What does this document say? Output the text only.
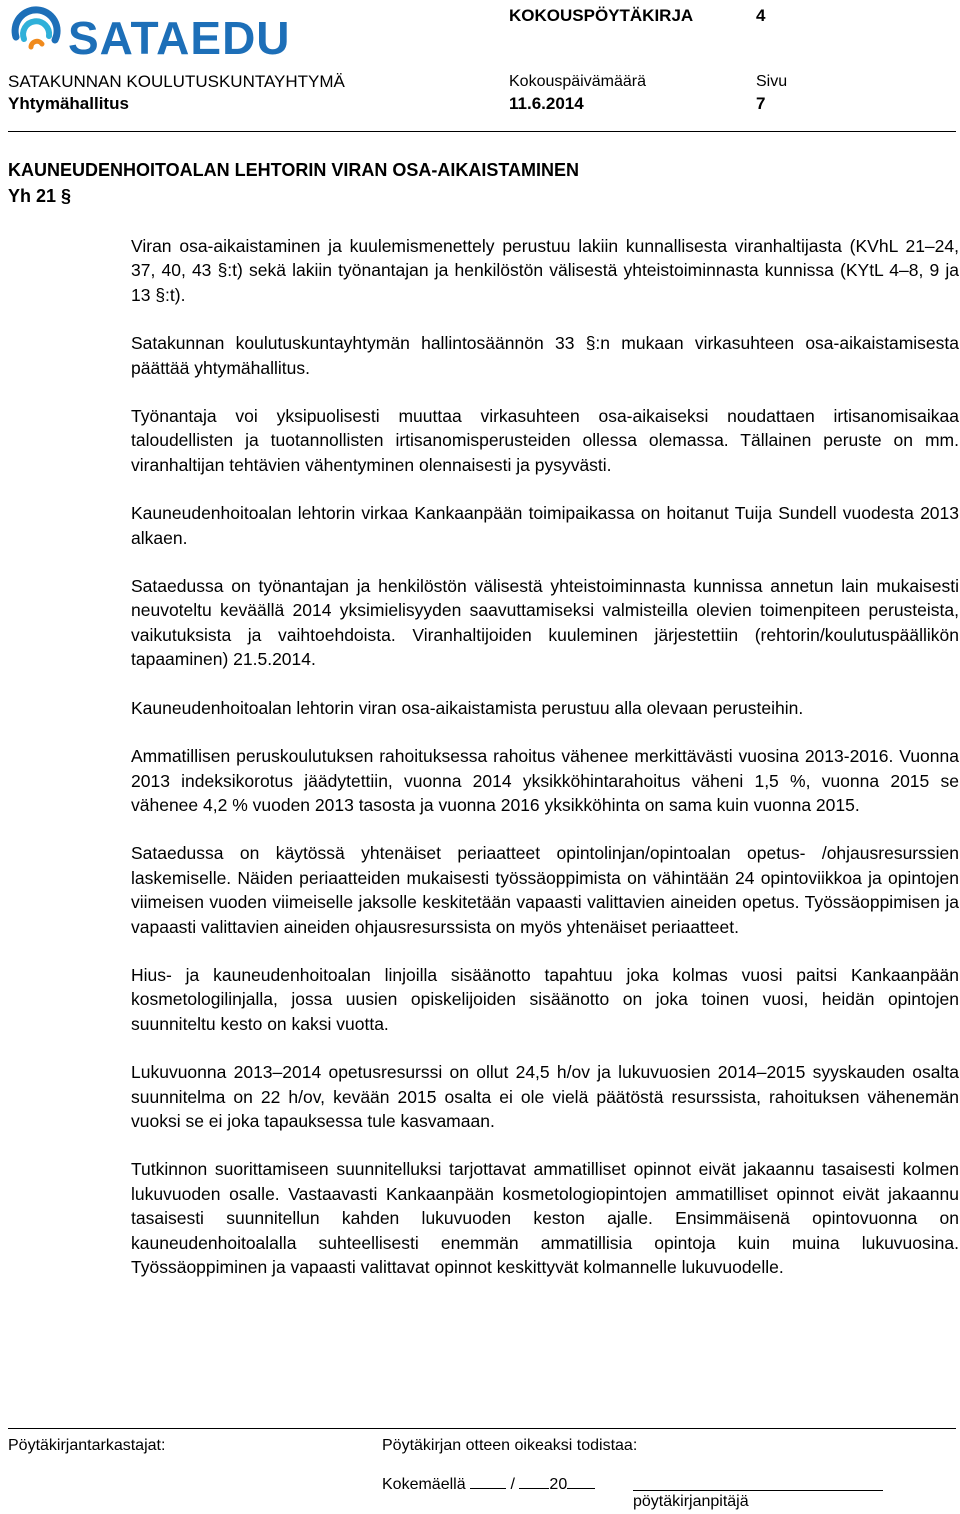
SATAEDU	KOKOUSPÖYTÄKIRJA	4
SATAKUNNAN KOULUTUSKUNTAYHTYMÄ	Kokouspäivämäärä	Sivu
Yhtymähallitus	11.6.2014	7
KAUNEUDENHOITOALAN LEHTORIN VIRAN OSA-AIKAISTAMINEN
Yh 21 §

Viran osa-aikaistaminen ja kuulemismenettely perustuu lakiin kunnallisesta viranhaltijasta (KVhL 21–24, 37, 40, 43 §:t) sekä lakiin työnantajan ja henkilöstön välisestä yhteistoiminnasta kunnissa (KYtL 4–8, 9 ja 13 §:t).

Satakunnan koulutuskuntayhtymän hallintosäännön 33 §:n mukaan virkasuhteen osa-aikaistamisesta päättää yhtymähallitus.

Työnantaja voi yksipuolisesti muuttaa virkasuhteen osa-aikaiseksi noudattaen irtisanomisaikaa taloudellisten ja tuotannollisten irtisanomisperusteiden ollessa olemassa. Tällainen peruste on mm. viranhaltijan tehtävien vähentyminen olennaisesti ja pysyvästi.

Kauneudenhoitoalan lehtorin virkaa Kankaanpään toimipaikassa on hoitanut Tuija Sundell vuodesta 2013 alkaen.

Sataedussa on työnantajan ja henkilöstön välisestä yhteistoiminnasta kunnissa annetun lain mukaisesti neuvoteltu keväällä 2014 yksimielisyyden saavuttamiseksi valmisteilla olevien toimenpiteen perusteista, vaikutuksista ja vaihtoehdoista. Viranhaltijoiden kuuleminen järjestettiin (rehtorin/koulutuspäällikön tapaaminen) 21.5.2014.

Kauneudenhoitoalan lehtorin viran osa-aikaistamista perustuu alla olevaan perusteihin.

Ammatillisen peruskoulutuksen rahoituksessa rahoitus vähenee merkittävästi vuosina 2013-2016. Vuonna 2013 indeksikorotus jäädytettiin, vuonna 2014 yksikköhintarahoitus väheni 1,5 %, vuonna 2015 se vähenee 4,2 % vuoden 2013 tasosta ja vuonna 2016 yksikköhinta on sama kuin vuonna 2015.

Sataedussa on käytössä yhtenäiset periaatteet opintolinjan/opintoalan opetus- /ohjausresurssien laskemiselle. Näiden periaatteiden mukaisesti työssäoppimista on vähintään 24 opintoviikkoa ja opintojen viimeisen vuoden viimeiselle jaksolle keskitetään vapaasti valittavien aineiden opetus. Työssäoppimisen ja vapaasti valittavien aineiden ohjausresurssista on myös yhtenäiset periaatteet.

Hius- ja kauneudenhoitoalan linjoilla sisäänotto tapahtuu joka kolmas vuosi paitsi Kankaanpään kosmetologilinjalla, jossa uusien opiskelijoiden sisäänotto on joka toinen vuosi, heidän opintojen suunniteltu kesto on kaksi vuotta.

Lukuvuonna 2013–2014 opetusresurssi on ollut 24,5 h/ov ja lukuvuosien 2014–2015 syyskauden osalta suunnitelma on 22 h/ov, kevään 2015 osalta ei ole vielä päätöstä resurssista, rahoituksen vähenemän vuoksi se ei joka tapauksessa tule kasvamaan.

Tutkinnon suorittamiseen suunnitelluksi tarjottavat ammatilliset opinnot eivät jakaannu tasaisesti kolmen lukuvuoden osalle. Vastaavasti Kankaanpään kosmetologiopintojen ammatilliset opinnot eivät jakaannu tasaisesti suunnitellun kahden lukuvuoden keston ajalle. Ensimmäisenä opintovuonna on kauneudenhoitoalalla suhteellisesti enemmän ammatillisia opintoja kuin muina lukuvuosina. Työssäoppiminen ja vapaasti valittavat opinnot keskittyvät kolmannelle lukuvuodelle.

Pöytäkirjantarkastajat:	Pöytäkirjan otteen oikeaksi todistaa:
Kokemäellä	/ 20
pöytäkirjanpitäjä
